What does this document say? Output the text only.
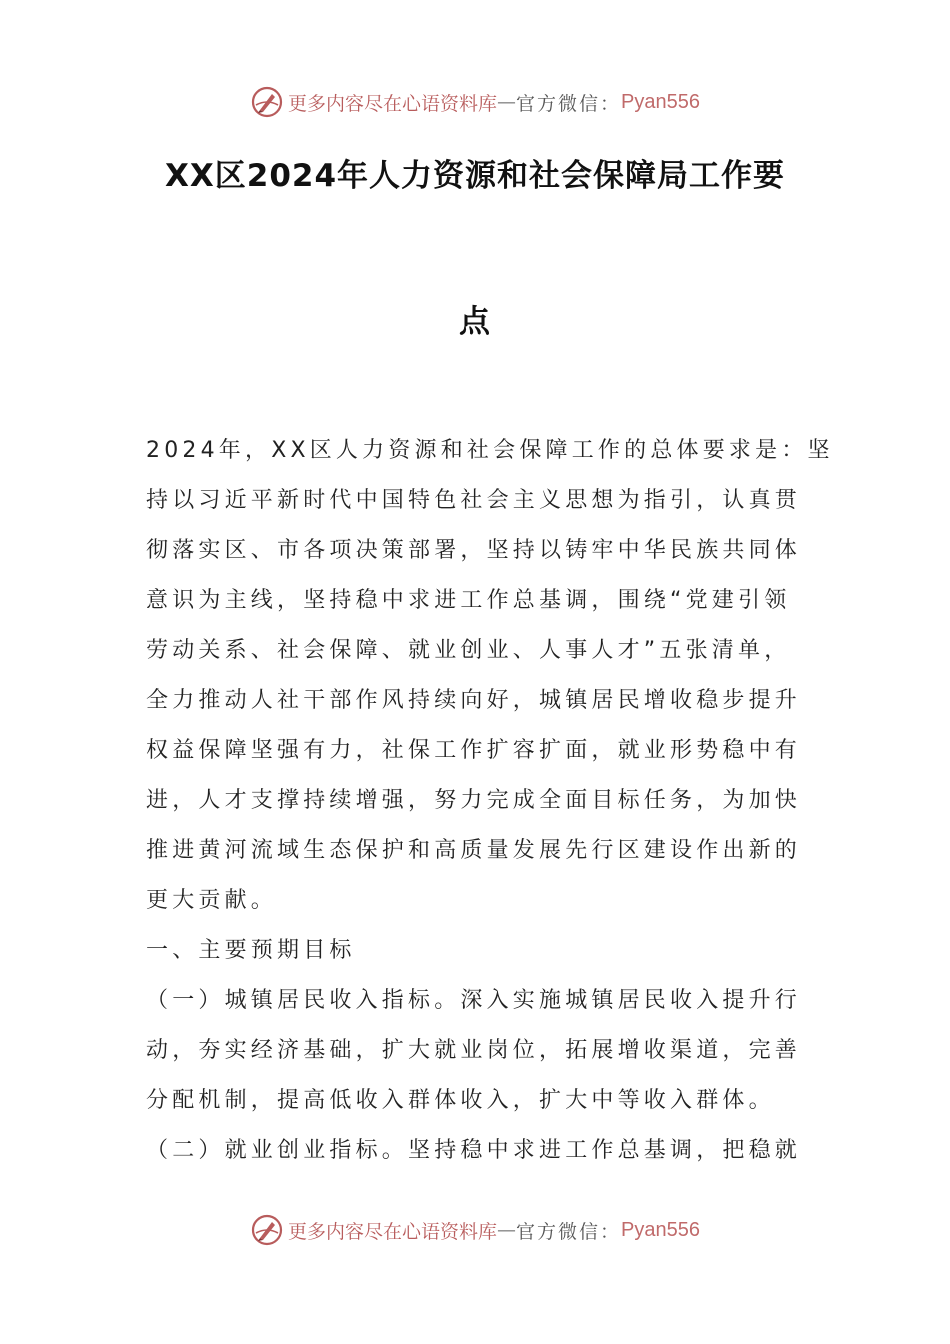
更多内容尽在心语资料库 — 官方微信： Pyan556
XX区2024年人力资源和社会保障局工作要
点
2024年，XX区人力资源和社会保障工作的总体要求是：坚
持以习近平新时代中国特色社会主义思想为指引，认真贯
彻落实区、市各项决策部署，坚持以铸牢中华民族共同体
意识为主线，坚持稳中求进工作总基调，围绕“党建引领
劳动关系、社会保障、就业创业、人事人才”五张清单，
全力推动人社干部作风持续向好，城镇居民增收稳步提升
权益保障坚强有力，社保工作扩容扩面，就业形势稳中有
进，人才支撑持续增强，努力完成全面目标任务，为加快
推进黄河流域生态保护和高质量发展先行区建设作出新的
更大贡献。
一、主要预期目标
（一）城镇居民收入指标。深入实施城镇居民收入提升行
动，夯实经济基础，扩大就业岗位，拓展增收渠道，完善
分配机制，提高低收入群体收入，扩大中等收入群体。
（二）就业创业指标。坚持稳中求进工作总基调，把稳就
更多内容尽在心语资料库 — 官方微信： Pyan556
